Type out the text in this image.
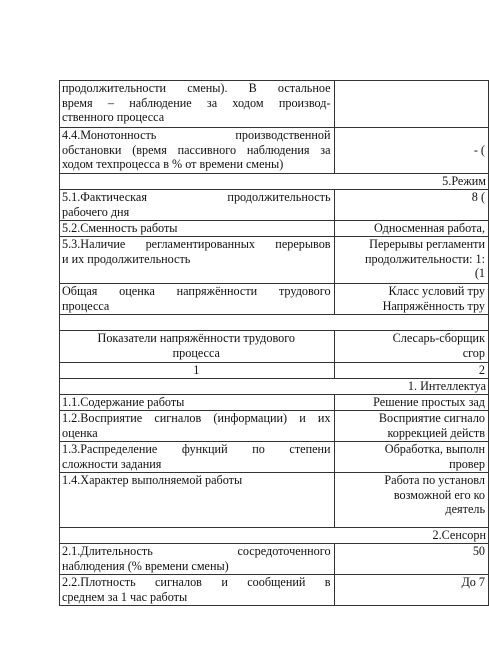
продолжительности смены). В остальное
время – наблюдение за ходом производ-
ственного процесса	

4.4.Монотонность производственной
обстановки (время пассивного наблюдения за
ходом техпроцесса в % от времени смены)	- (

5.Режим	

5.1.Фактическая продолжительность
рабочего дня	8 (

5.2.Сменность работы	Односменная работа,

5.3.Наличие регламентированных перерывов
и их продолжительность	Перерывы регламенти
продолжительности: 1:
(1

Общая оценка напряжённости трудового
процесса	Класс условий тру
Напряжённость тру

Показатели напряжённости трудового
процесса	Слесарь-сборщик
сгор

1	2

1. Интеллектуа	

1.1.Содержание работы	Решение простых зад

1.2.Восприятие сигналов (информации) и их
оценка	Восприятие сигнало
коррекцией действ

1.3.Распределение функций по степени
сложности задания	Обработка, выполн
провер

1.4.Характер выполняемой работы	Работа по установл
возможной его ко
деятель

2.Сенсорн	

2.1.Длительность сосредоточенного
наблюдения (% времени смены)	50

2.2.Плотность сигналов и сообщений в
среднем за 1 час работы	До 7
